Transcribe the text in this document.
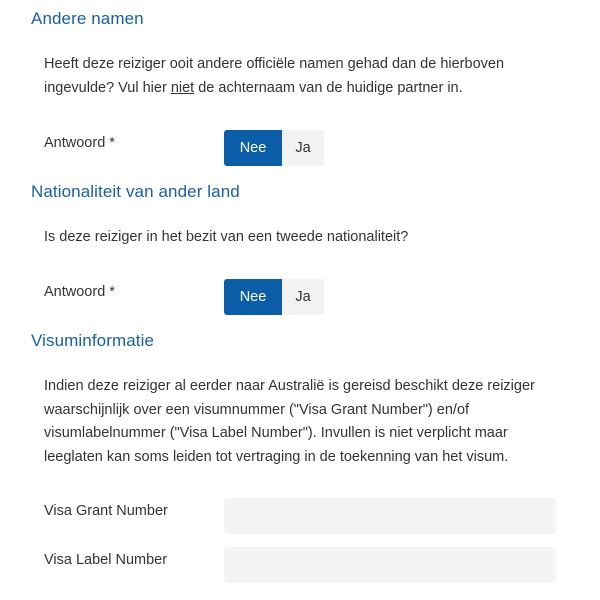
Andere namen

Heeft deze reiziger ooit andere officiële namen gehad dan de hierboven ingevulde? Vul hier niet de achternaam van de huidige partner in.

Antwoord *	Nee	Ja
Nationaliteit van ander land

Is deze reiziger in het bezit van een tweede nationaliteit?

Antwoord *	Nee	Ja
Visuminformatie

Indien deze reiziger al eerder naar Australië is gereisd beschikt deze reiziger waarschijnlijk over een visumnummer ("Visa Grant Number") en/of visumlabelnummer ("Visa Label Number"). Invullen is niet verplicht maar leeglaten kan soms leiden tot vertraging in de toekenning van het visum.

Visa Grant Number
Visa Label Number
